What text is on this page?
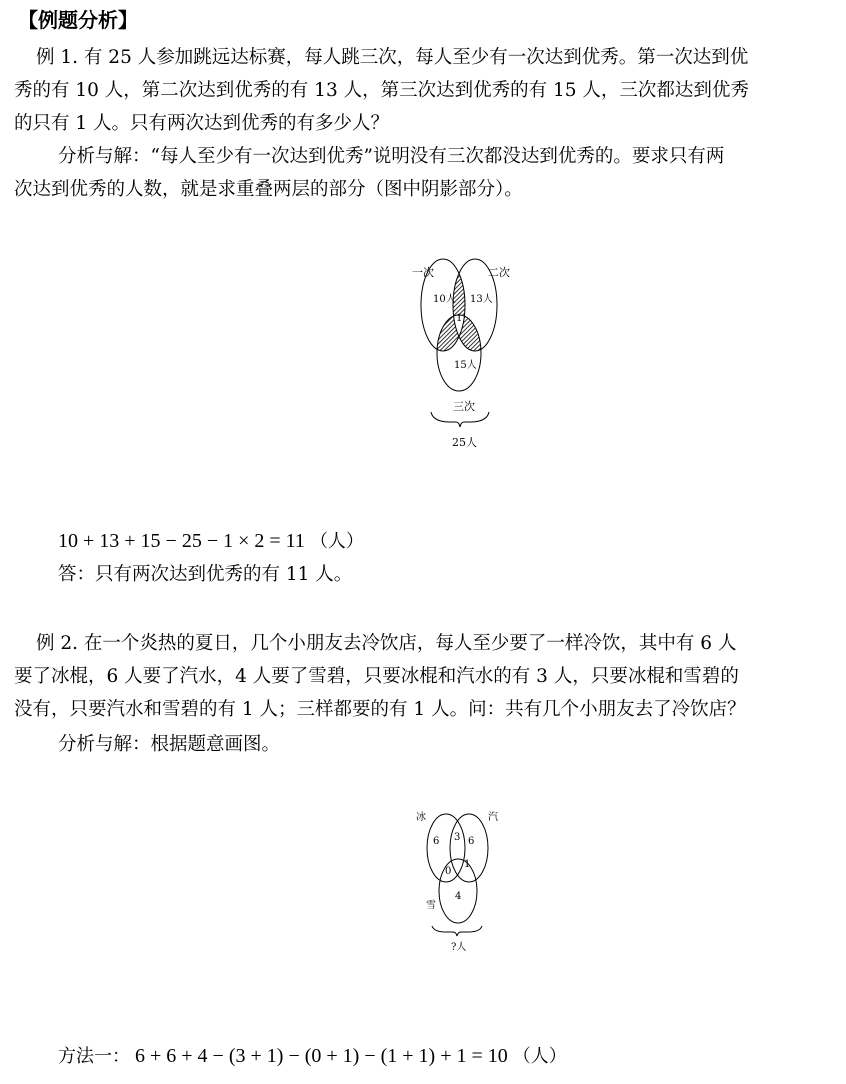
【例题分析】
例 1. 有 25 人参加跳远达标赛，每人跳三次，每人至少有一次达到优秀。第一次达到优
秀的有 10 人，第二次达到优秀的有 13 人，第三次达到优秀的有 15 人，三次都达到优秀
的只有 1 人。只有两次达到优秀的有多少人？
分析与解：“每人至少有一次达到优秀”说明没有三次都没达到优秀的。要求只有两
次达到优秀的人数，就是求重叠两层的部分（图中阴影部分）。
一次	二次
10人 13人
1
15人
三次
25人
10 + 13 + 15 − 25 − 1 × 2 = 11 （人）
答：只有两次达到优秀的有 11 人。
例 2. 在一个炎热的夏日，几个小朋友去冷饮店，每人至少要了一样冷饮，其中有 6 人
要了冰棍，6 人要了汽水，4 人要了雪碧，只要冰棍和汽水的有 3 人，只要冰棍和雪碧的
没有，只要汽水和雪碧的有 1 人；三样都要的有 1 人。问：共有几个小朋友去了冷饮店？
分析与解：根据题意画图。
冰	汽
雪
6 3 6
0
1
4
?人
方法一： 6 + 6 + 4 − (3 + 1) − (0 + 1) − (1 + 1) + 1 = 10 （人）
